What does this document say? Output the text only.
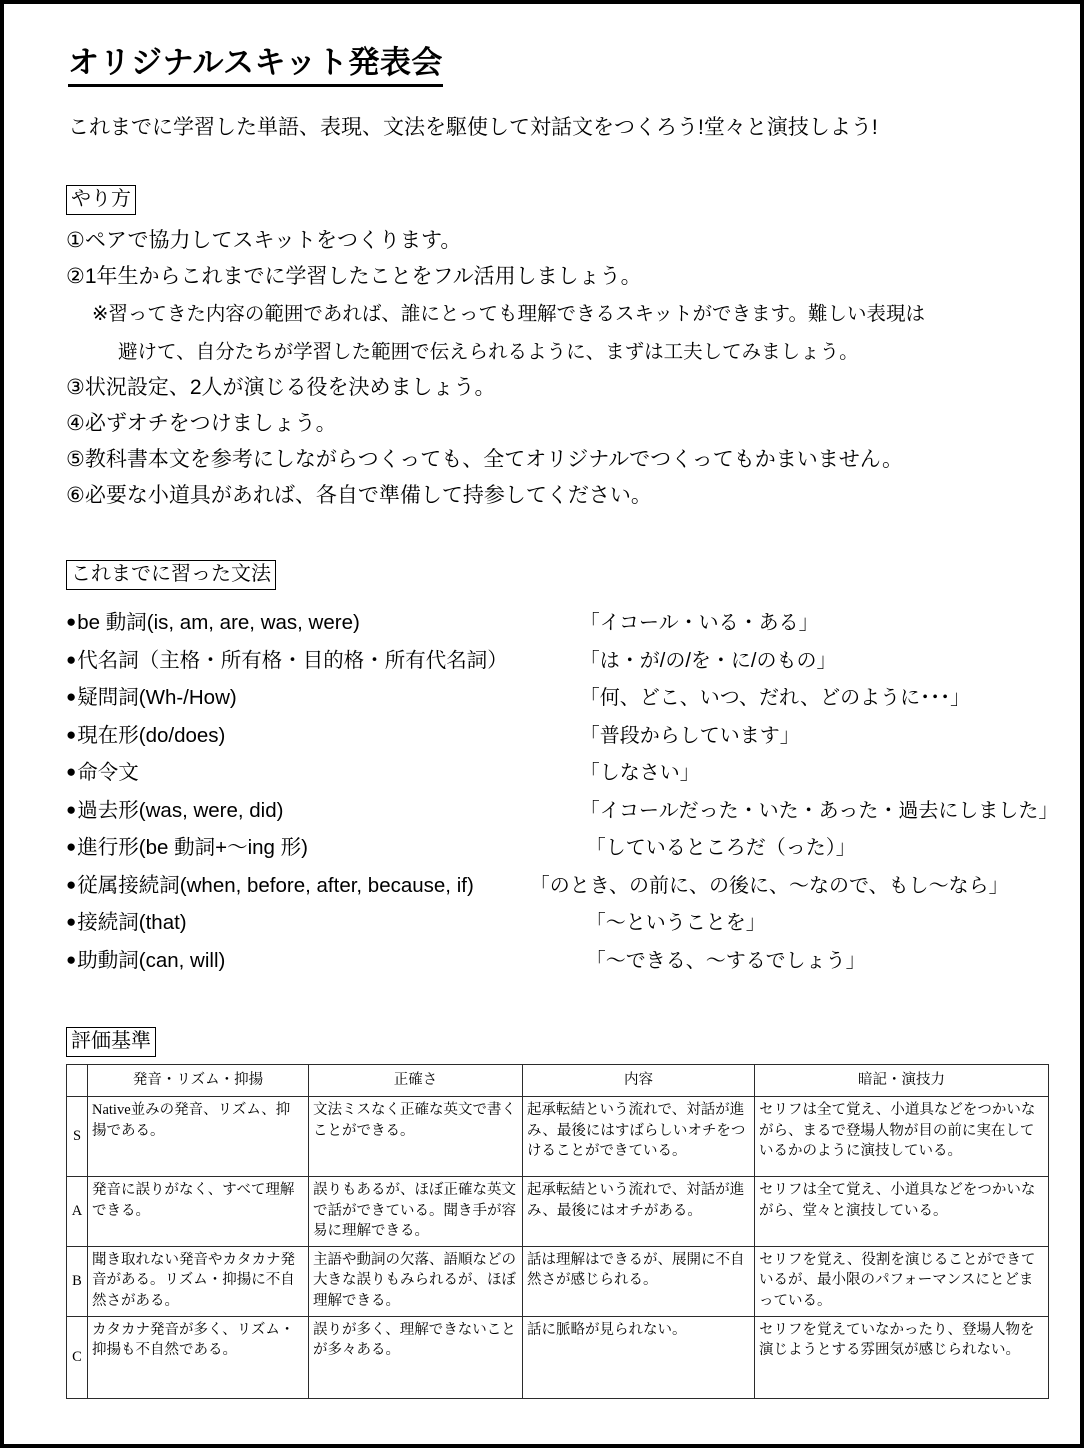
オリジナルスキット発表会
これまでに学習した単語、表現、文法を駆使して対話文をつくろう!堂々と演技しよう!
やり方
①ペアで協力してスキットをつくります。
②1年生からこれまでに学習したことをフル活用しましょう。
※習ってきた内容の範囲であれば、誰にとっても理解できるスキットができます。難しい表現は
避けて、自分たちが学習した範囲で伝えられるように、まずは工夫してみましょう。
③状況設定、2人が演じる役を決めましょう。
④必ずオチをつけましょう。
⑤教科書本文を参考にしながらつくっても、全てオリジナルでつくってもかまいません。
⑥必要な小道具があれば、各自で準備して持参してください。
これまでに習った文法
●be 動詞(is, am, are, was, were)	「イコール・いる・ある」
●代名詞（主格・所有格・目的格・所有代名詞）	「は・が/の/を・に/のもの」
●疑問詞(Wh-/How)	「何、どこ、いつ、だれ、どのように･･･」
●現在形(do/does)	「普段からしています」
●命令文	「しなさい」
●過去形(was, were, did)	「イコールだった・いた・あった・過去にしました」
●進行形(be 動詞+〜ing 形)	「しているところだ（った）」
●従属接続詞(when, before, after, because, if)	「のとき、の前に、の後に、〜なので、もし〜なら」
●接続詞(that)	「〜ということを」
●助動詞(can, will)	「〜できる、〜するでしょう」
評価基準
	発音・リズム・抑揚	正確さ	内容	暗記・演技力
S	Native並みの発音、リズム、抑揚である。	文法ミスなく正確な英文で書くことができる。	起承転結という流れで、対話が進み、最後にはすばらしいオチをつけることができている。	セリフは全て覚え、小道具などをつかいながら、まるで登場人物が目の前に実在しているかのように演技している。
A	発音に誤りがなく、すべて理解できる。	誤りもあるが、ほぼ正確な英文で話ができている。聞き手が容易に理解できる。	起承転結という流れで、対話が進み、最後にはオチがある。	セリフは全て覚え、小道具などをつかいながら、堂々と演技している。
B	聞き取れない発音やカタカナ発音がある。リズム・抑揚に不自然さがある。	主語や動詞の欠落、語順などの大きな誤りもみられるが、ほぼ理解できる。	話は理解はできるが、展開に不自然さが感じられる。	セリフを覚え、役割を演じることができているが、最小限のパフォーマンスにとどまっている。
C	カタカナ発音が多く、リズム・抑揚も不自然である。	誤りが多く、理解できないことが多々ある。	話に脈略が見られない。	セリフを覚えていなかったり、登場人物を演じようとする雰囲気が感じられない。
